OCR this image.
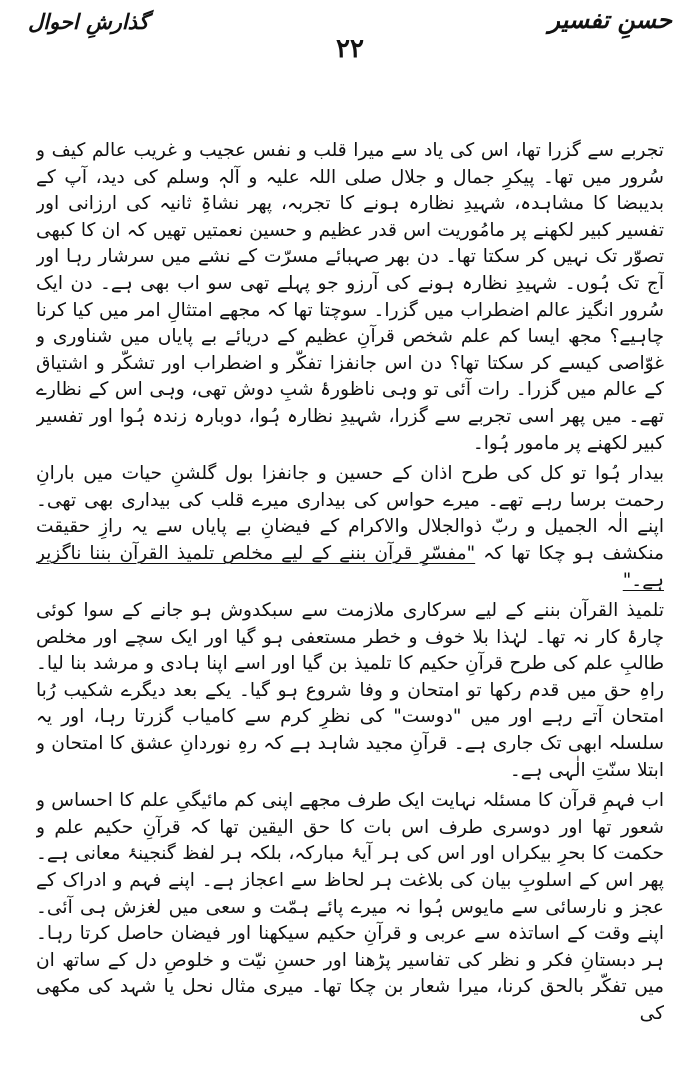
حسنِ تفسیر
گذارشِ احوال
۲۲

تجربے سے گزرا تھا، اس کی یاد سے میرا قلب و نفس عجیب و غریب عالم کیف و سُرور میں تھا۔ پیکرِ جمال و جلال صلی اللہ علیہ و آلہٖ وسلم کی دید، آپ کے بدیبضا کا مشاہدہ، شہیدِ نظارہ ہونے کا تجربہ، پھر نشاۃِ ثانیہ کی ارزانی اور تفسیر کبیر لکھنے پر مامُوریت اس قدر عظیم و حسین نعمتیں تھیں کہ ان کا کبھی تصوّر تک نہیں کر سکتا تھا۔ دن بھر صہبائے مسرّت کے نشے میں سرشار رہا اور آج تک ہُوں۔ شہیدِ نظارہ ہونے کی آرزو جو پہلے تھی سو اب بھی ہے۔ دن ایک سُرور انگیز عالم اضطراب میں گزرا۔ سوچتا تھا کہ مجھے امتثالِ امر میں کیا کرنا چاہیے؟ مجھ ایسا کم علم شخص قرآنِ عظیم کے دریائے بے پایاں میں شناوری و غوّاصی کیسے کر سکتا تھا؟ دن اس جانفزا تفکّر و اضطراب اور تشکّر و اشتیاق کے عالم میں گزرا۔ رات آئی تو وہی ناظورۂ شبِ دوش تھی، وہی اس کے نظارے تھے۔ میں پھر اسی تجربے سے گزرا، شہیدِ نظارہ ہُوا، دوبارہ زندہ ہُوا اور تفسیر کبیر لکھنے پر مامور ہُوا۔

بیدار ہُوا تو کل کی طرح اذان کے حسین و جانفزا بول گلشنِ حیات میں بارانِ رحمت برسا رہے تھے۔ میرے حواس کی بیداری میرے قلب کی بیداری بھی تھی۔ اپنے الٰہ الجمیل و ربّ ذوالجلال والاکرام کے فیضانِ بے پایاں سے یہ رازِ حقیقت منکشف ہو چکا تھا کہ "مفسّرِ قرآن بننے کے لیے مخلص تلمیذ القرآن بننا ناگزیر ہے۔"

تلمیذ القرآن بننے کے لیے سرکاری ملازمت سے سبکدوش ہو جانے کے سوا کوئی چارۂ کار نہ تھا۔ لہٰذا بلا خوف و خطر مستعفی ہو گیا اور ایک سچے اور مخلص طالبِ علم کی طرح قرآنِ حکیم کا تلمیذ بن گیا اور اسے اپنا ہادی و مرشد بنا لیا۔ راہِ حق میں قدم رکھا تو امتحان و وفا شروع ہو گیا۔ یکے بعد دیگرے شکیب رُبا امتحان آتے رہے اور میں "دوست" کی نظرِ کرم سے کامیاب گزرتا رہا، اور یہ سلسلہ ابھی تک جاری ہے۔ قرآنِ مجید شاہد ہے کہ رہِ نوردانِ عشق کا امتحان و ابتلا سنّتِ الٰہی ہے۔

اب فہمِ قرآن کا مسئلہ نہایت ایک طرف مجھے اپنی کم مائیگیِ علم کا احساس و شعور تھا اور دوسری طرف اس بات کا حق الیقین تھا کہ قرآنِ حکیم علم و حکمت کا بحرِ بیکراں اور اس کی ہر آیۂ مبارکہ، بلکہ ہر لفظ گنجینۂ معانی ہے۔ پھر اس کے اسلوبِ بیان کی بلاغت ہر لحاظ سے اعجاز ہے۔ اپنے فہم و ادراک کے عجز و نارسائی سے مایوس ہُوا نہ میرے پائے ہمّت و سعی میں لغزش ہی آئی۔ اپنے وقت کے اساتذہ سے عربی و قرآنِ حکیم سیکھنا اور فیضان حاصل کرتا رہا۔ ہر دبستانِ فکر و نظر کی تفاسیر پڑھنا اور حسنِ نیّت و خلوصِ دل کے ساتھ ان میں تفکّر بالحق کرنا، میرا شعار بن چکا تھا۔ میری مثال نحل یا شہد کی مکھی کی
